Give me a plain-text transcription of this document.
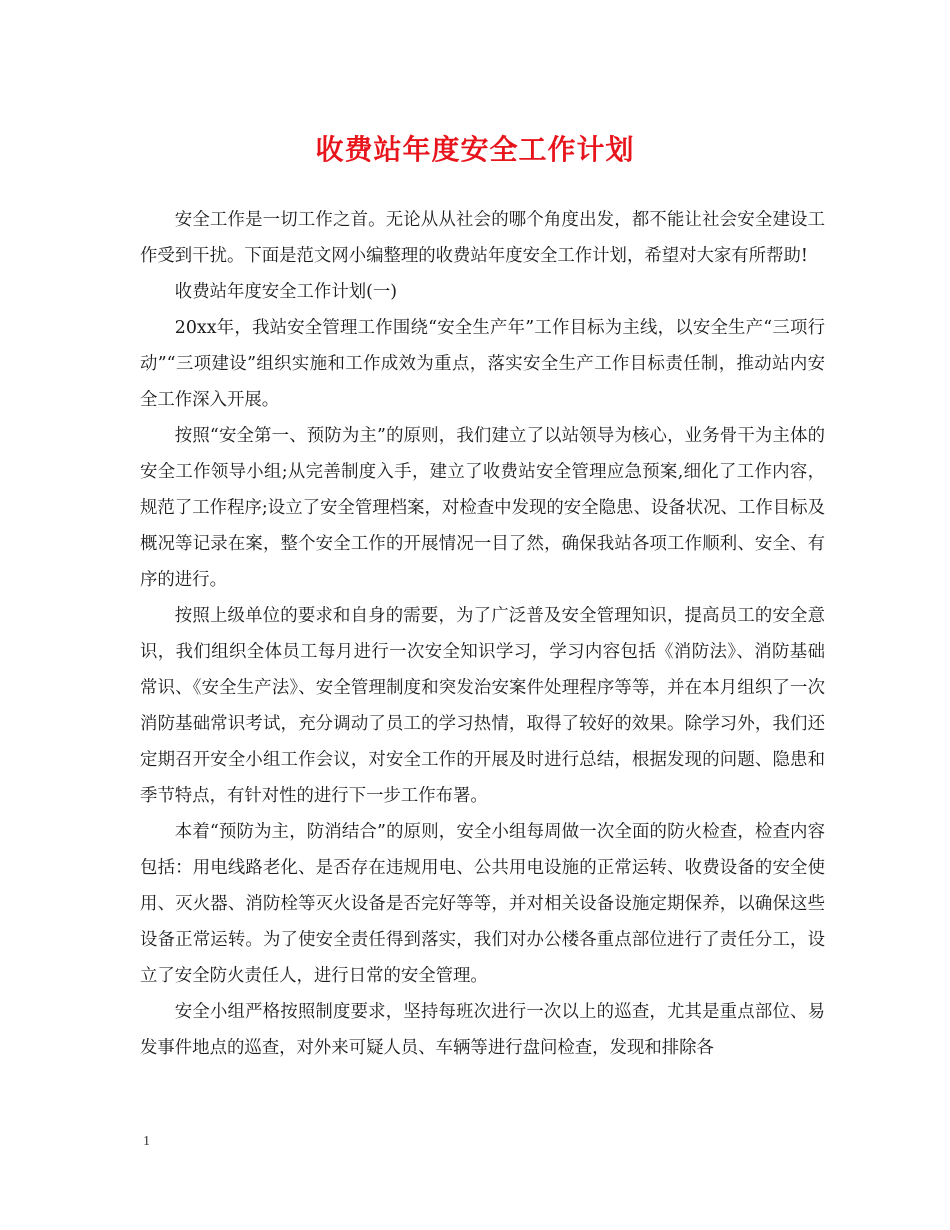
收费站年度安全工作计划

安全工作是一切工作之首。无论从从社会的哪个角度出发，都不能让社会安全建设工作受到干扰。下面是范文网小编整理的收费站年度安全工作计划，希望对大家有所帮助!

收费站年度安全工作计划(一)

20xx年，我站安全管理工作围绕“安全生产年”工作目标为主线，以安全生产“三项行动”“三项建设”组织实施和工作成效为重点，落实安全生产工作目标责任制，推动站内安全工作深入开展。

按照“安全第一、预防为主”的原则，我们建立了以站领导为核心，业务骨干为主体的安全工作领导小组;从完善制度入手，建立了收费站安全管理应急预案,细化了工作内容，规范了工作程序;设立了安全管理档案，对检查中发现的安全隐患、设备状况、工作目标及概况等记录在案，整个安全工作的开展情况一目了然，确保我站各项工作顺利、安全、有序的进行。

按照上级单位的要求和自身的需要，为了广泛普及安全管理知识，提高员工的安全意识，我们组织全体员工每月进行一次安全知识学习，学习内容包括《消防法》、消防基础常识、《安全生产法》、安全管理制度和突发治安案件处理程序等等，并在本月组织了一次消防基础常识考试，充分调动了员工的学习热情，取得了较好的效果。除学习外，我们还定期召开安全小组工作会议，对安全工作的开展及时进行总结，根据发现的问题、隐患和季节特点，有针对性的进行下一步工作布署。

本着“预防为主，防消结合”的原则，安全小组每周做一次全面的防火检查，检查内容包括：用电线路老化、是否存在违规用电、公共用电设施的正常运转、收费设备的安全使用、灭火器、消防栓等灭火设备是否完好等等，并对相关设备设施定期保养，以确保这些设备正常运转。为了使安全责任得到落实，我们对办公楼各重点部位进行了责任分工，设立了安全防火责任人，进行日常的安全管理。

安全小组严格按照制度要求，坚持每班次进行一次以上的巡查，尤其是重点部位、易发事件地点的巡查，对外来可疑人员、车辆等进行盘问检查，发现和排除各

1
